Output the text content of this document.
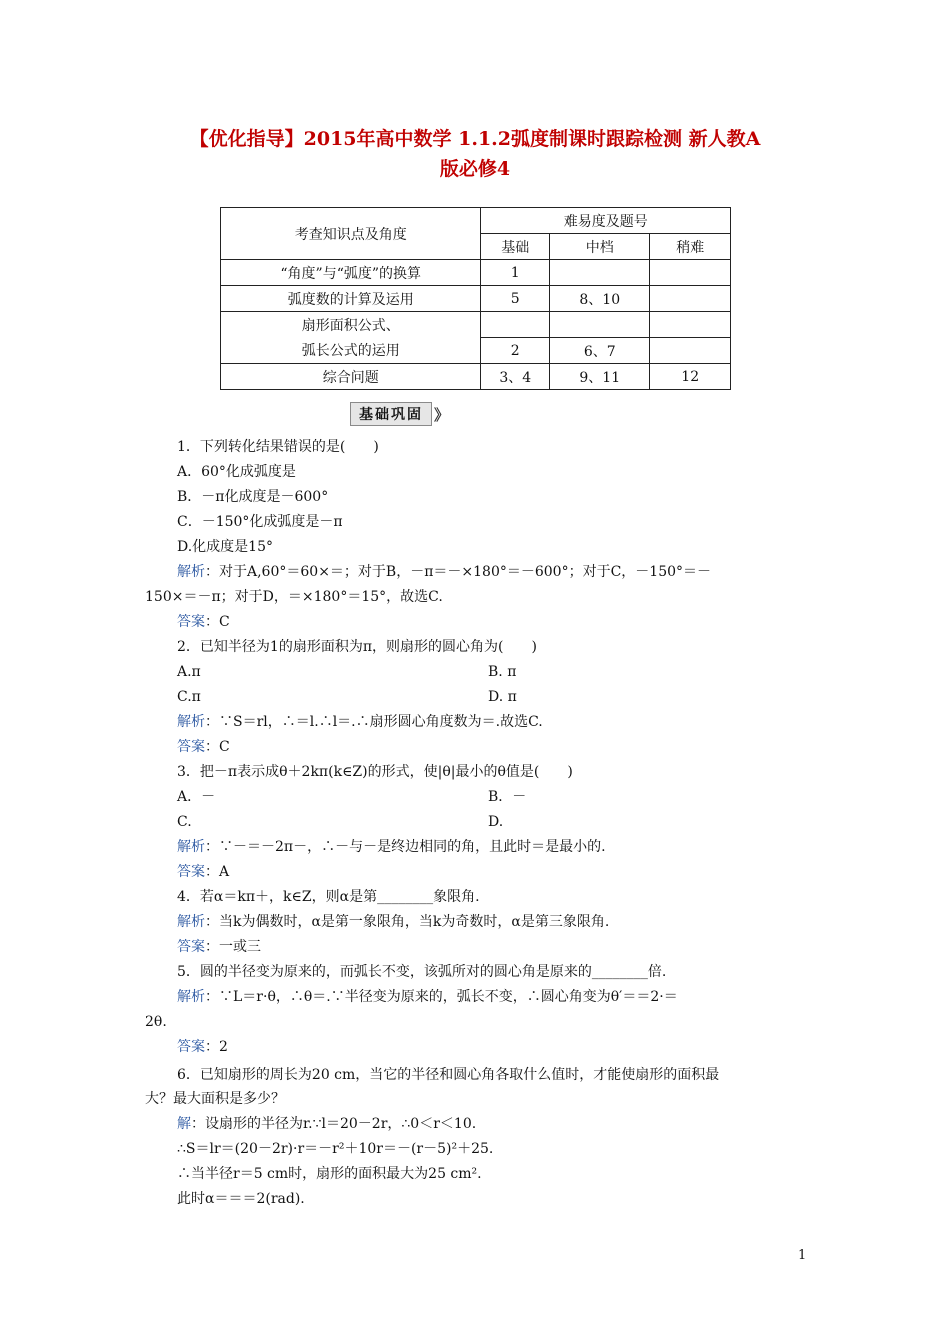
【优化指导】2015年高中数学 1.1.2弧度制课时跟踪检测 新人教A
版必修4
考查知识点及角度	难易度及题号		
	基础	中档	稍难
“角度”与“弧度”的换算	1		
弧度数的计算及运用	5	8、10	
扇形面积公式、			
弧长公式的运用	2	6、7	
综合问题	3、4	9、11	12
基础巩固 》
1．下列转化结果错误的是(　　)
A．60°化成弧度是
B．－π化成度是－600°
C．－150°化成弧度是－π
D.化成度是15°
解析：对于A,60°＝60×＝；对于B，－π＝－×180°＝－600°；对于C，－150°＝－
150×＝－π；对于D，＝×180°＝15°，故选C.
答案：C
2．已知半径为1的扇形面积为π，则扇形的圆心角为(　　)
A.π	B. π
C.π	D. π
解析：∵S＝rl，∴＝l.∴l＝.∴扇形圆心角度数为＝.故选C.
答案：C
3．把－π表示成θ＋2kπ(k∈Z)的形式，使|θ|最小的θ值是(　　)
A．－	B．－
C.	D.
解析：∵－＝－2π－，∴－与－是终边相同的角，且此时＝是最小的.
答案：A
4．若α＝kπ＋，k∈Z，则α是第________象限角.
解析：当k为偶数时，α是第一象限角，当k为奇数时，α是第三象限角.
答案：一或三
5．圆的半径变为原来的，而弧长不变，该弧所对的圆心角是原来的________倍.
解析：∵L＝r·θ，∴θ＝.∵半径变为原来的，弧长不变，∴圆心角变为θ′＝＝2·＝
2θ.
答案：2
6．已知扇形的周长为20 cm，当它的半径和圆心角各取什么值时，才能使扇形的面积最
大？最大面积是多少？
解：设扇形的半径为r.∵l＝20－2r，∴0＜r＜10.
∴S＝lr＝(20－2r)·r＝－r²＋10r＝－(r－5)²＋25.
∴当半径r＝5 cm时，扇形的面积最大为25 cm².
此时α＝＝＝2(rad).
1
